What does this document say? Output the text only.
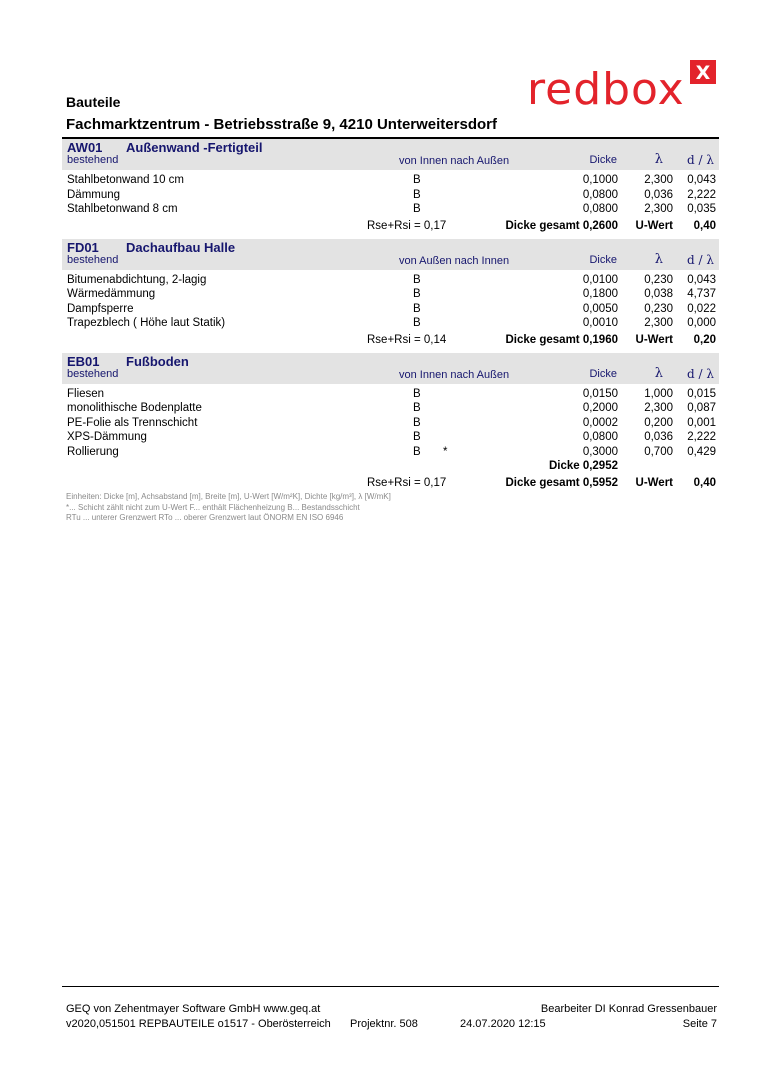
redbox X
Bauteile
Fachmarktzentrum - Betriebsstraße 9, 4210 Unterweitersdorf
AW01 Außenwand -Fertigteil
bestehend	von Innen nach Außen	Dicke	λ d / λ
Stahlbetonwand 10 cm	B	0,1000 2,300 0,043
Dämmung	B	0,0800 0,036 2,222
Stahlbetonwand 8 cm	B	0,0800 2,300 0,035
Rse+Rsi = 0,17	Dicke gesamt 0,2600 U-Wert 0,40
FD01 Dachaufbau Halle
bestehend	von Außen nach Innen	Dicke	λ d / λ
Bitumenabdichtung, 2-lagig	B	0,0100 0,230 0,043
Wärmedämmung	B	0,1800 0,038 4,737
Dampfsperre	B	0,0050 0,230 0,022
Trapezblech ( Höhe laut Statik)	B	0,0010 2,300 0,000
Rse+Rsi = 0,14	Dicke gesamt 0,1960 U-Wert 0,20
EB01 Fußboden
bestehend	von Innen nach Außen	Dicke	λ d / λ
Fliesen	B	0,0150 1,000 0,015
monolithische Bodenplatte	B	0,2000 2,300 0,087
PE-Folie als Trennschicht	B	0,0002 0,200 0,001
XPS-Dämmung	B	0,0800 0,036 2,222
Rollierung	B *	0,3000 0,700 0,429
Dicke 0,2952
Rse+Rsi = 0,17	Dicke gesamt 0,5952 U-Wert 0,40
Einheiten: Dicke [m], Achsabstand [m], Breite [m], U-Wert [W/m²K], Dichte [kg/m³], λ [W/mK]
*... Schicht zählt nicht zum U-Wert F... enthält Flächenheizung B... Bestandsschicht
RTu ... unterer Grenzwert RTo ... oberer Grenzwert laut ÖNORM EN ISO 6946
GEQ von Zehentmayer Software GmbH www.geq.at
v2020,051501 REPBAUTEILE o1517 - Oberösterreich Projektnr. 508	24.07.2020 12:15
Bearbeiter DI Konrad Gressenbauer
Seite 7
